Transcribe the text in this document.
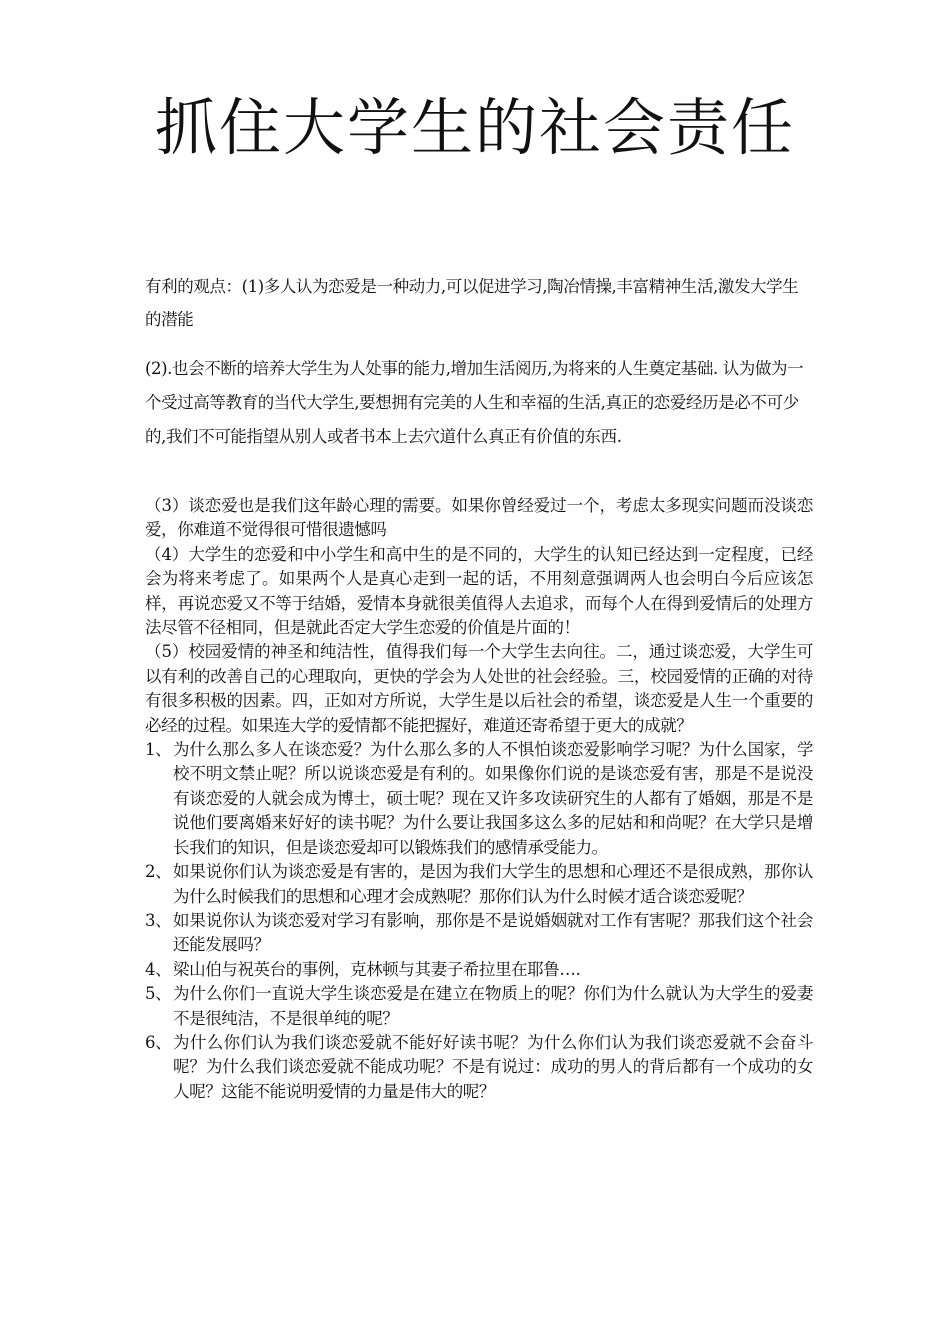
抓住大学生的社会责任

有利的观点：(1)多人认为恋爱是一种动力,可以促进学习,陶冶情操,丰富精神生活,激发大学生的潜能

(2).也会不断的培养大学生为人处事的能力,增加生活阅历,为将来的人生奠定基础. 认为做为一个受过高等教育的当代大学生,要想拥有完美的人生和幸福的生活,真正的恋爱经历是必不可少的,我们不可能指望从别人或者书本上去穴道什么真正有价值的东西.

（3）谈恋爱也是我们这年龄心理的需要。如果你曾经爱过一个，考虑太多现实问题而没谈恋爱，你难道不觉得很可惜很遗憾吗

（4）大学生的恋爱和中小学生和高中生的是不同的，大学生的认知已经达到一定程度，已经会为将来考虑了。如果两个人是真心走到一起的话，不用刻意强调两人也会明白今后应该怎样，再说恋爱又不等于结婚，爱情本身就很美值得人去追求，而每个人在得到爱情后的处理方法尽管不径相同，但是就此否定大学生恋爱的价值是片面的！

（5）校园爱情的神圣和纯洁性，值得我们每一个大学生去向往。二，通过谈恋爱，大学生可以有利的改善自己的心理取向，更快的学会为人处世的社会经验。三，校园爱情的正确的对待有很多积极的因素。四，正如对方所说，大学生是以后社会的希望，谈恋爱是人生一个重要的必经的过程。如果连大学的爱情都不能把握好，难道还寄希望于更大的成就？

1、 为什么那么多人在谈恋爱？为什么那么多的人不惧怕谈恋爱影响学习呢？为什么国家，学校不明文禁止呢？所以说谈恋爱是有利的。如果像你们说的是谈恋爱有害，那是不是说没有谈恋爱的人就会成为博士，硕士呢？现在又许多攻读研究生的人都有了婚姻，那是不是说他们要离婚来好好的读书呢？为什么要让我国多这么多的尼姑和和尚呢？在大学只是增长我们的知识，但是谈恋爱却可以锻炼我们的感情承受能力。
2、 如果说你们认为谈恋爱是有害的，是因为我们大学生的思想和心理还不是很成熟，那你认为什么时候我们的思想和心理才会成熟呢？那你们认为什么时候才适合谈恋爱呢？
3、 如果说你认为谈恋爱对学习有影响，那你是不是说婚姻就对工作有害呢？那我们这个社会还能发展吗？
4、 梁山伯与祝英台的事例，克林顿与其妻子希拉里在耶鲁….
5、 为什么你们一直说大学生谈恋爱是在建立在物质上的呢？你们为什么就认为大学生的爱妻不是很纯洁，不是很单纯的呢？
6、 为什么你们认为我们谈恋爱就不能好好读书呢？为什么你们认为我们谈恋爱就不会奋斗呢？为什么我们谈恋爱就不能成功呢？不是有说过：成功的男人的背后都有一个成功的女人呢？这能不能说明爱情的力量是伟大的呢？
